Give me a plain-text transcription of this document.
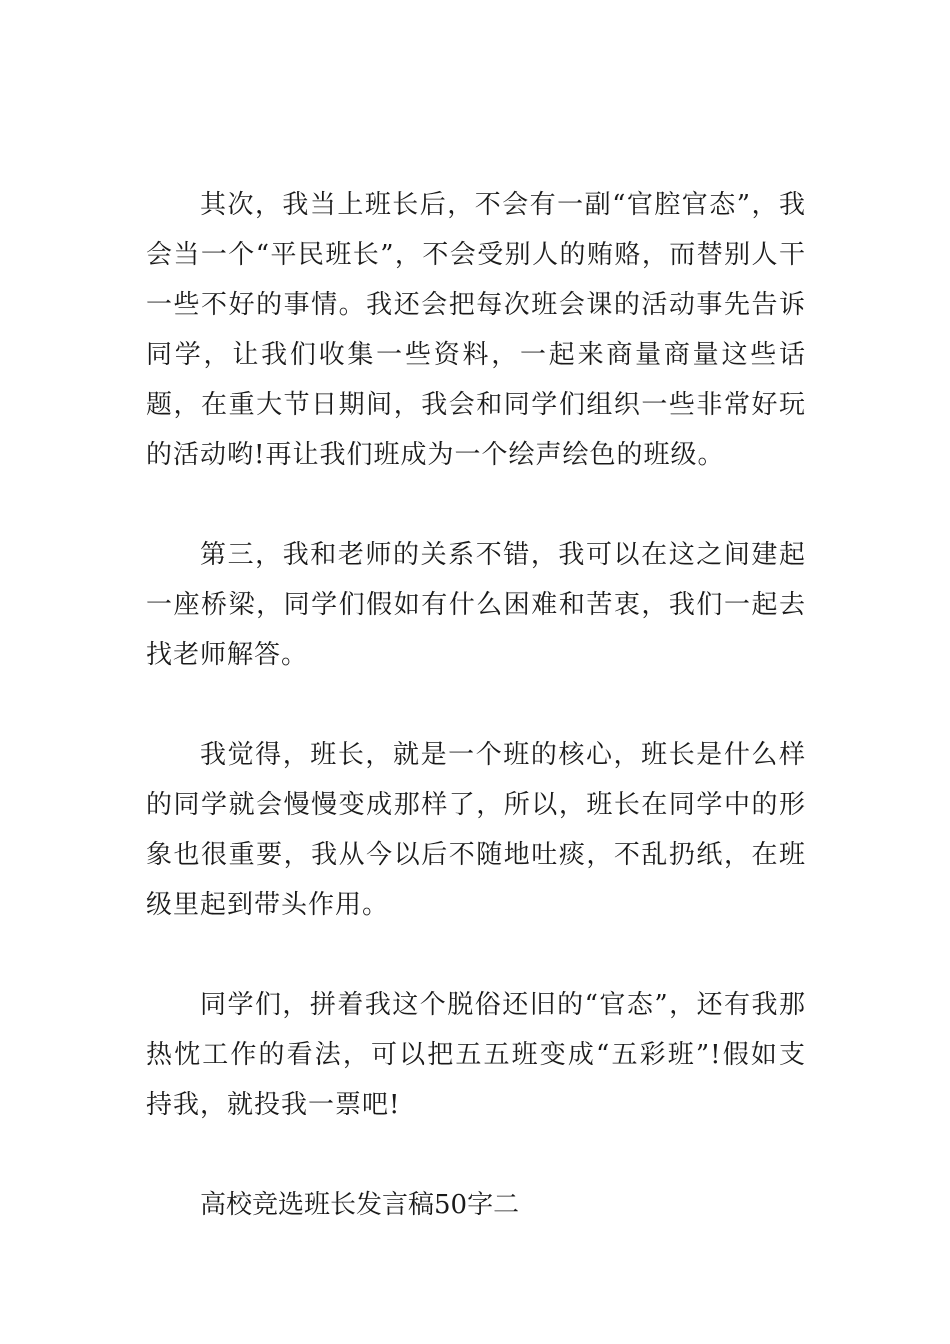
其次，我当上班长后，不会有一副“官腔官态”，我会当一个“平民班长”，不会受别人的贿赂，而替别人干一些不好的事情。我还会把每次班会课的活动事先告诉同学，让我们收集一些资料，一起来商量商量这些话题，在重大节日期间，我会和同学们组织一些非常好玩的活动哟!再让我们班成为一个绘声绘色的班级。

第三，我和老师的关系不错，我可以在这之间建起一座桥梁，同学们假如有什么困难和苦衷，我们一起去找老师解答。

我觉得，班长，就是一个班的核心，班长是什么样的同学就会慢慢变成那样了，所以，班长在同学中的形象也很重要，我从今以后不随地吐痰，不乱扔纸，在班级里起到带头作用。

同学们，拼着我这个脱俗还旧的“官态”，还有我那热忱工作的看法，可以把五五班变成“五彩班”!假如支持我，就投我一票吧!

高校竞选班长发言稿50字二
